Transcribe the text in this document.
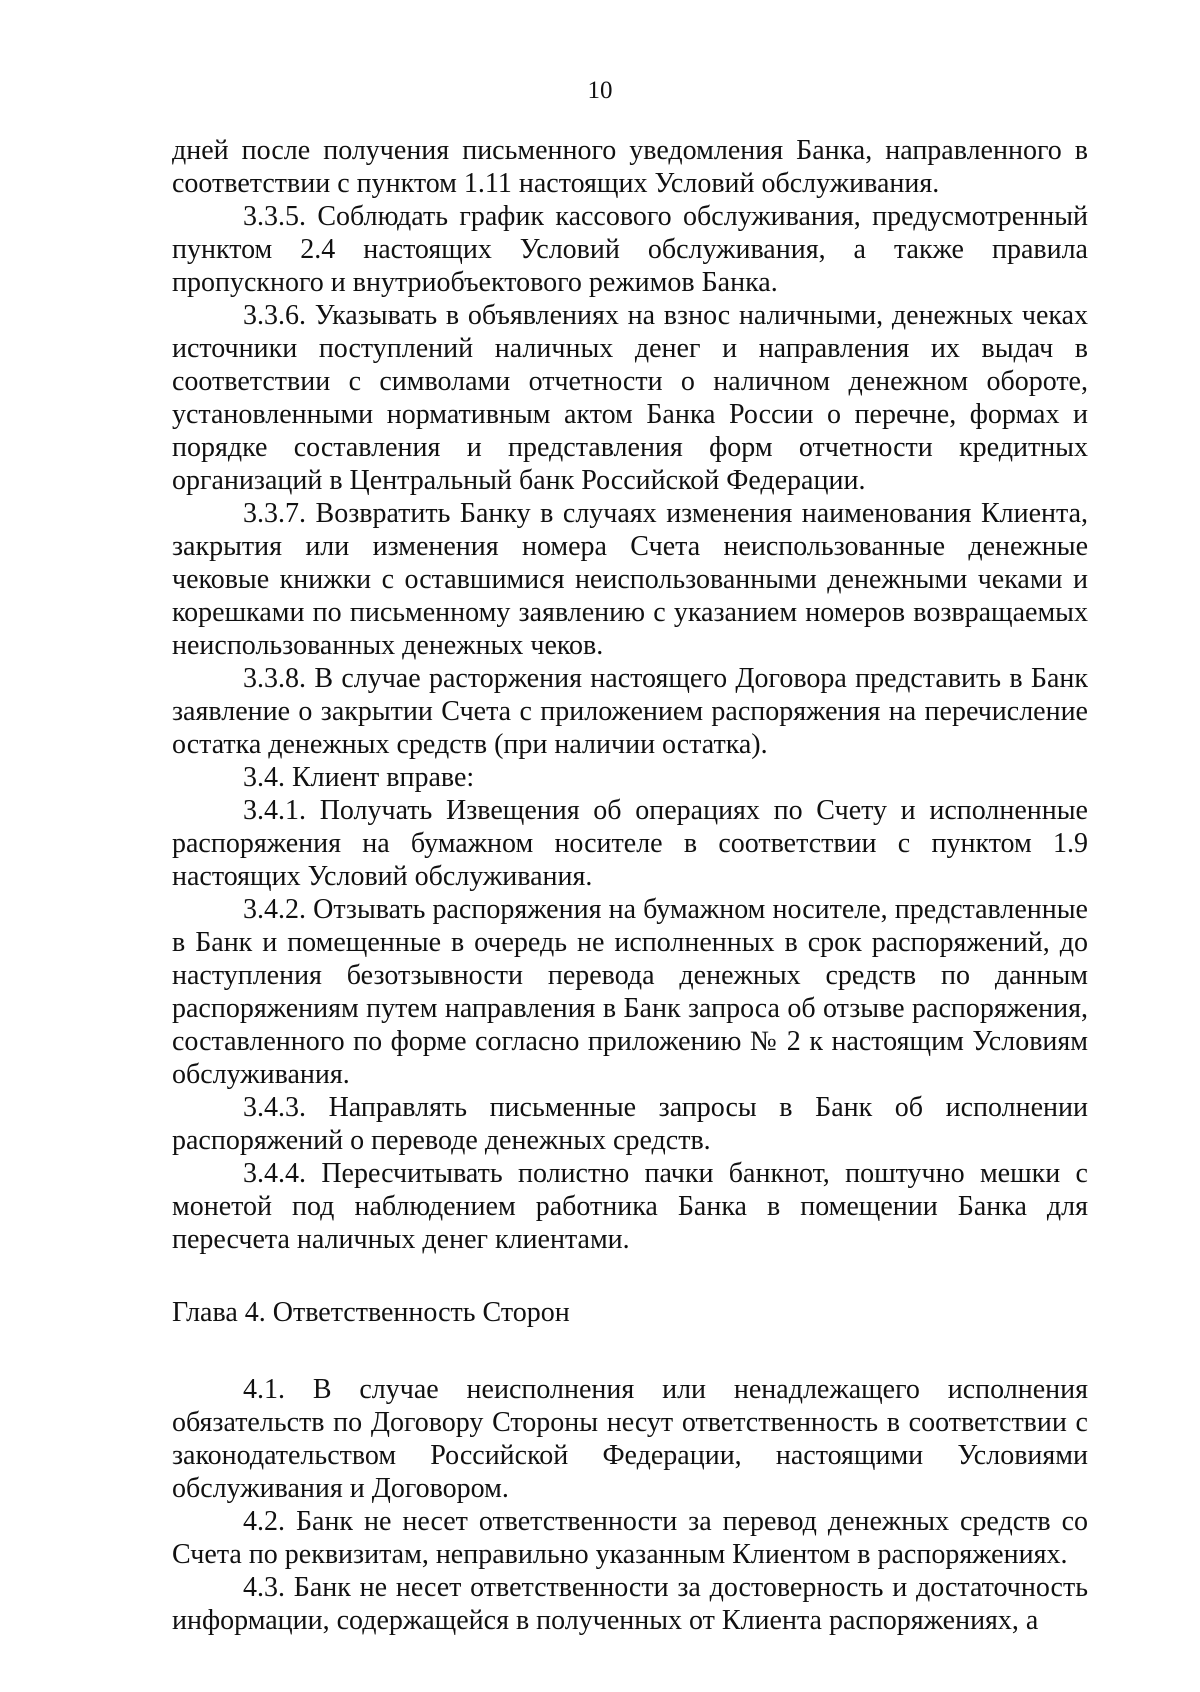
10

дней после получения письменного уведомления Банка, направленного в соответствии с пунктом 1.11 настоящих Условий обслуживания.

3.3.5. Соблюдать график кассового обслуживания, предусмотренный пунктом 2.4 настоящих Условий обслуживания, а также правила пропускного и внутриобъектового режимов Банка.

3.3.6. Указывать в объявлениях на взнос наличными, денежных чеках источники поступлений наличных денег и направления их выдач в соответствии с символами отчетности о наличном денежном обороте, установленными нормативным актом Банка России о перечне, формах и порядке составления и представления форм отчетности кредитных организаций в Центральный банк Российской Федерации.

3.3.7. Возвратить Банку в случаях изменения наименования Клиента, закрытия или изменения номера Счета неиспользованные денежные чековые книжки с оставшимися неиспользованными денежными чеками и корешками по письменному заявлению с указанием номеров возвращаемых неиспользованных денежных чеков.

3.3.8. В случае расторжения настоящего Договора представить в Банк заявление о закрытии Счета с приложением распоряжения на перечисление остатка денежных средств (при наличии остатка).

3.4. Клиент вправе:

3.4.1. Получать Извещения об операциях по Счету и исполненные распоряжения на бумажном носителе в соответствии с пунктом 1.9 настоящих Условий обслуживания.

3.4.2. Отзывать распоряжения на бумажном носителе, представленные в Банк и помещенные в очередь не исполненных в срок распоряжений, до наступления безотзывности перевода денежных средств по данным распоряжениям путем направления в Банк запроса об отзыве распоряжения, составленного по форме согласно приложению № 2 к настоящим Условиям обслуживания.

3.4.3. Направлять письменные запросы в Банк об исполнении распоряжений о переводе денежных средств.

3.4.4. Пересчитывать полистно пачки банкнот, поштучно мешки с монетой под наблюдением работника Банка в помещении Банка для пересчета наличных денег клиентами.

Глава 4. Ответственность Сторон

4.1. В случае неисполнения или ненадлежащего исполнения обязательств по Договору Стороны несут ответственность в соответствии с законодательством Российской Федерации, настоящими Условиями обслуживания и Договором.

4.2. Банк не несет ответственности за перевод денежных средств со Счета по реквизитам, неправильно указанным Клиентом в распоряжениях.

4.3. Банк не несет ответственности за достоверность и достаточность информации, содержащейся в полученных от Клиента распоряжениях, а
